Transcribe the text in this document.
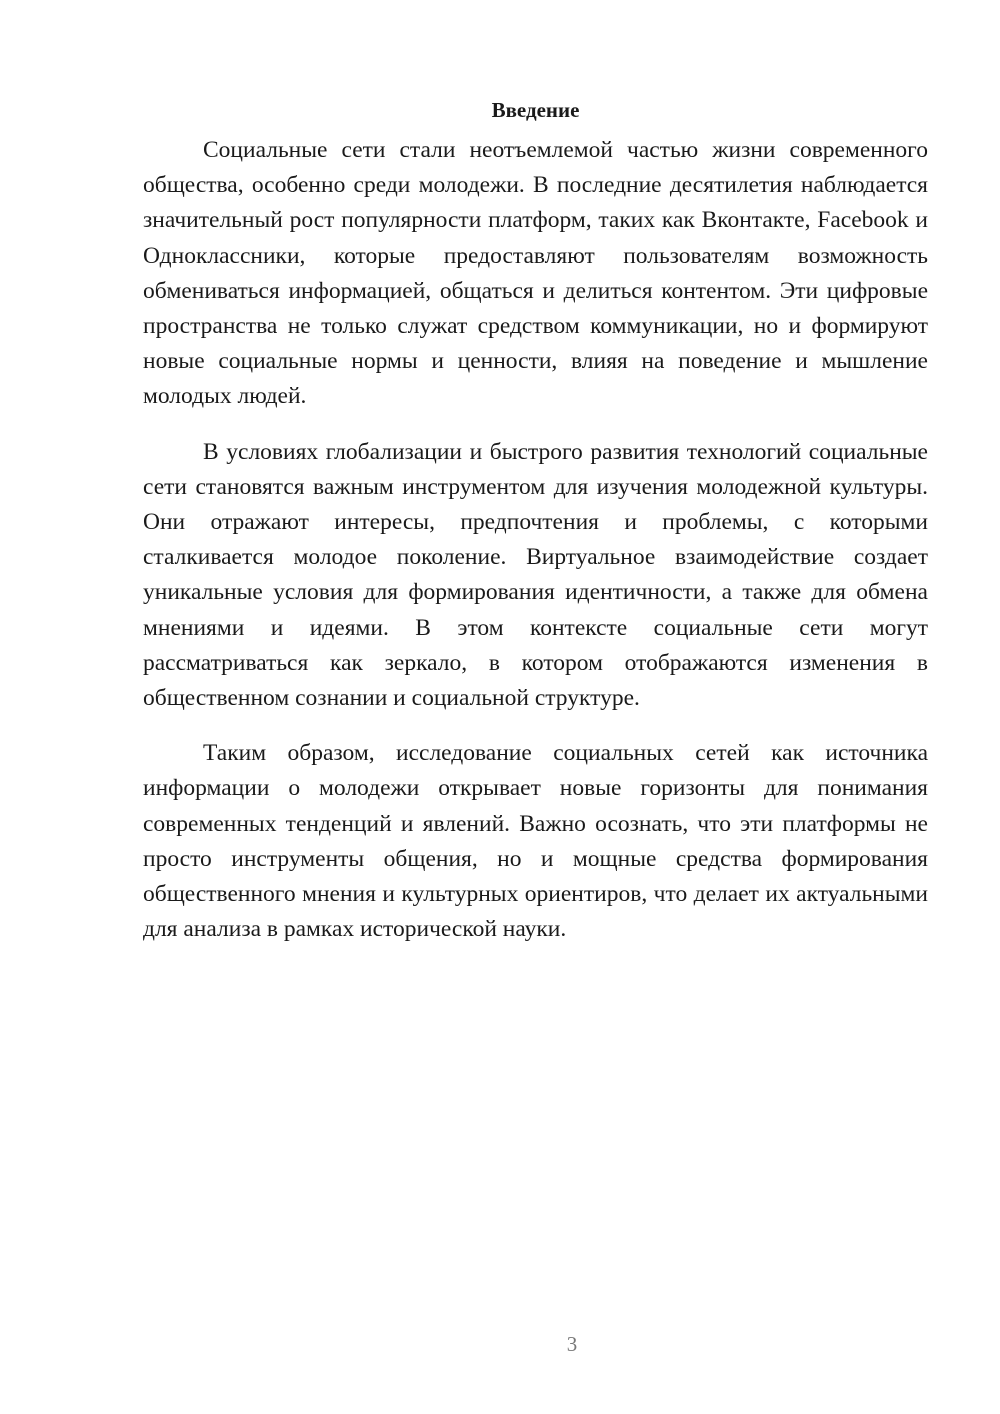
Введение

Социальные сети стали неотъемлемой частью жизни современного общества, особенно среди молодежи. В последние десятилетия наблюдается значительный рост популярности платформ, таких как Вконтакте, Facebook и Одноклассники, которые предоставляют пользователям возможность обмениваться информацией, общаться и делиться контентом. Эти цифровые пространства не только служат средством коммуникации, но и формируют новые социальные нормы и ценности, влияя на поведение и мышление молодых людей.

В условиях глобализации и быстрого развития технологий социальные сети становятся важным инструментом для изучения молодежной культуры. Они отражают интересы, предпочтения и проблемы, с которыми сталкивается молодое поколение. Виртуальное взаимодействие создает уникальные условия для формирования идентичности, а также для обмена мнениями и идеями. В этом контексте социальные сети могут рассматриваться как зеркало, в котором отображаются изменения в общественном сознании и социальной структуре.

Таким образом, исследование социальных сетей как источника информации о молодежи открывает новые горизонты для понимания современных тенденций и явлений. Важно осознать, что эти платформы не просто инструменты общения, но и мощные средства формирования общественного мнения и культурных ориентиров, что делает их актуальными для анализа в рамках исторической науки.

3
